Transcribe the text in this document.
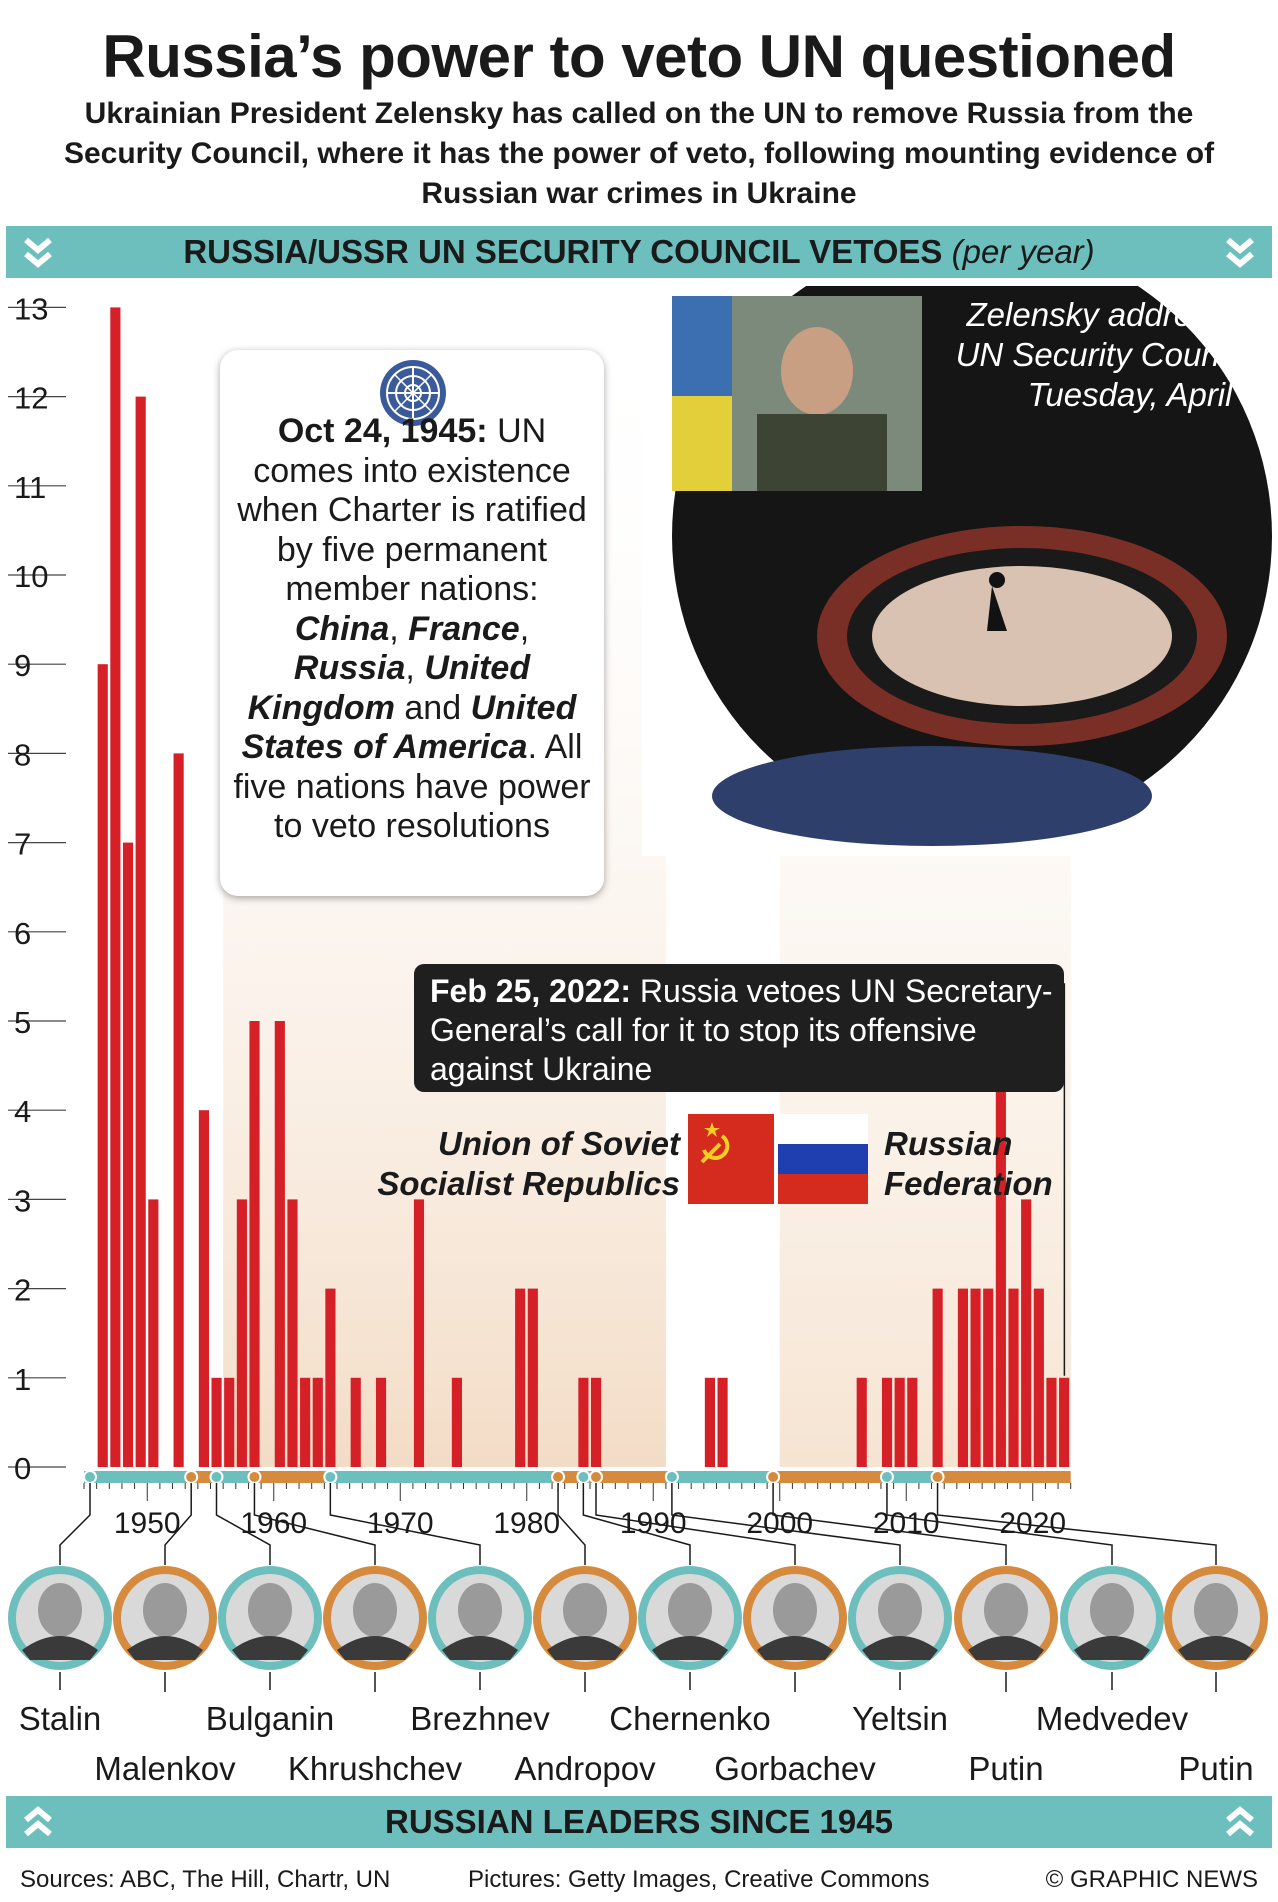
Russia’s power to veto UN questioned
Ukrainian President Zelensky has called on the UN to remove Russia from the Security Council, where it has the power of veto, following mounting evidence of Russian war crimes in Ukraine
RUSSIA/USSR UN SECURITY COUNCIL VETOES (per year)
0
1
2
3
4
5
6
7
8
9
10
11
12
13
1950 1960 1970 1980 1990 2000 2010 2020
Oct 24, 1945: UN comes into existence when Charter is ratified by five permanent member nations: China, France, Russia, United Kingdom and United States of America. All five nations have power to veto resolutions
Zelensky addresses
UN Security Council,
Tuesday, April 5
Feb 25, 2022: Russia vetoes UN Secretary-General’s call for it to stop its offensive against Ukraine
Union of Soviet
Socialist Republics
Russian
Federation
Stalin
Malenkov
Bulganin
Khrushchev
Brezhnev
Andropov
Chernenko
Gorbachev
Yeltsin
Putin
Medvedev
Putin
RUSSIAN LEADERS SINCE 1945
Sources: ABC, The Hill, Chartr, UN	Pictures: Getty Images, Creative Commons	© GRAPHIC NEWS
